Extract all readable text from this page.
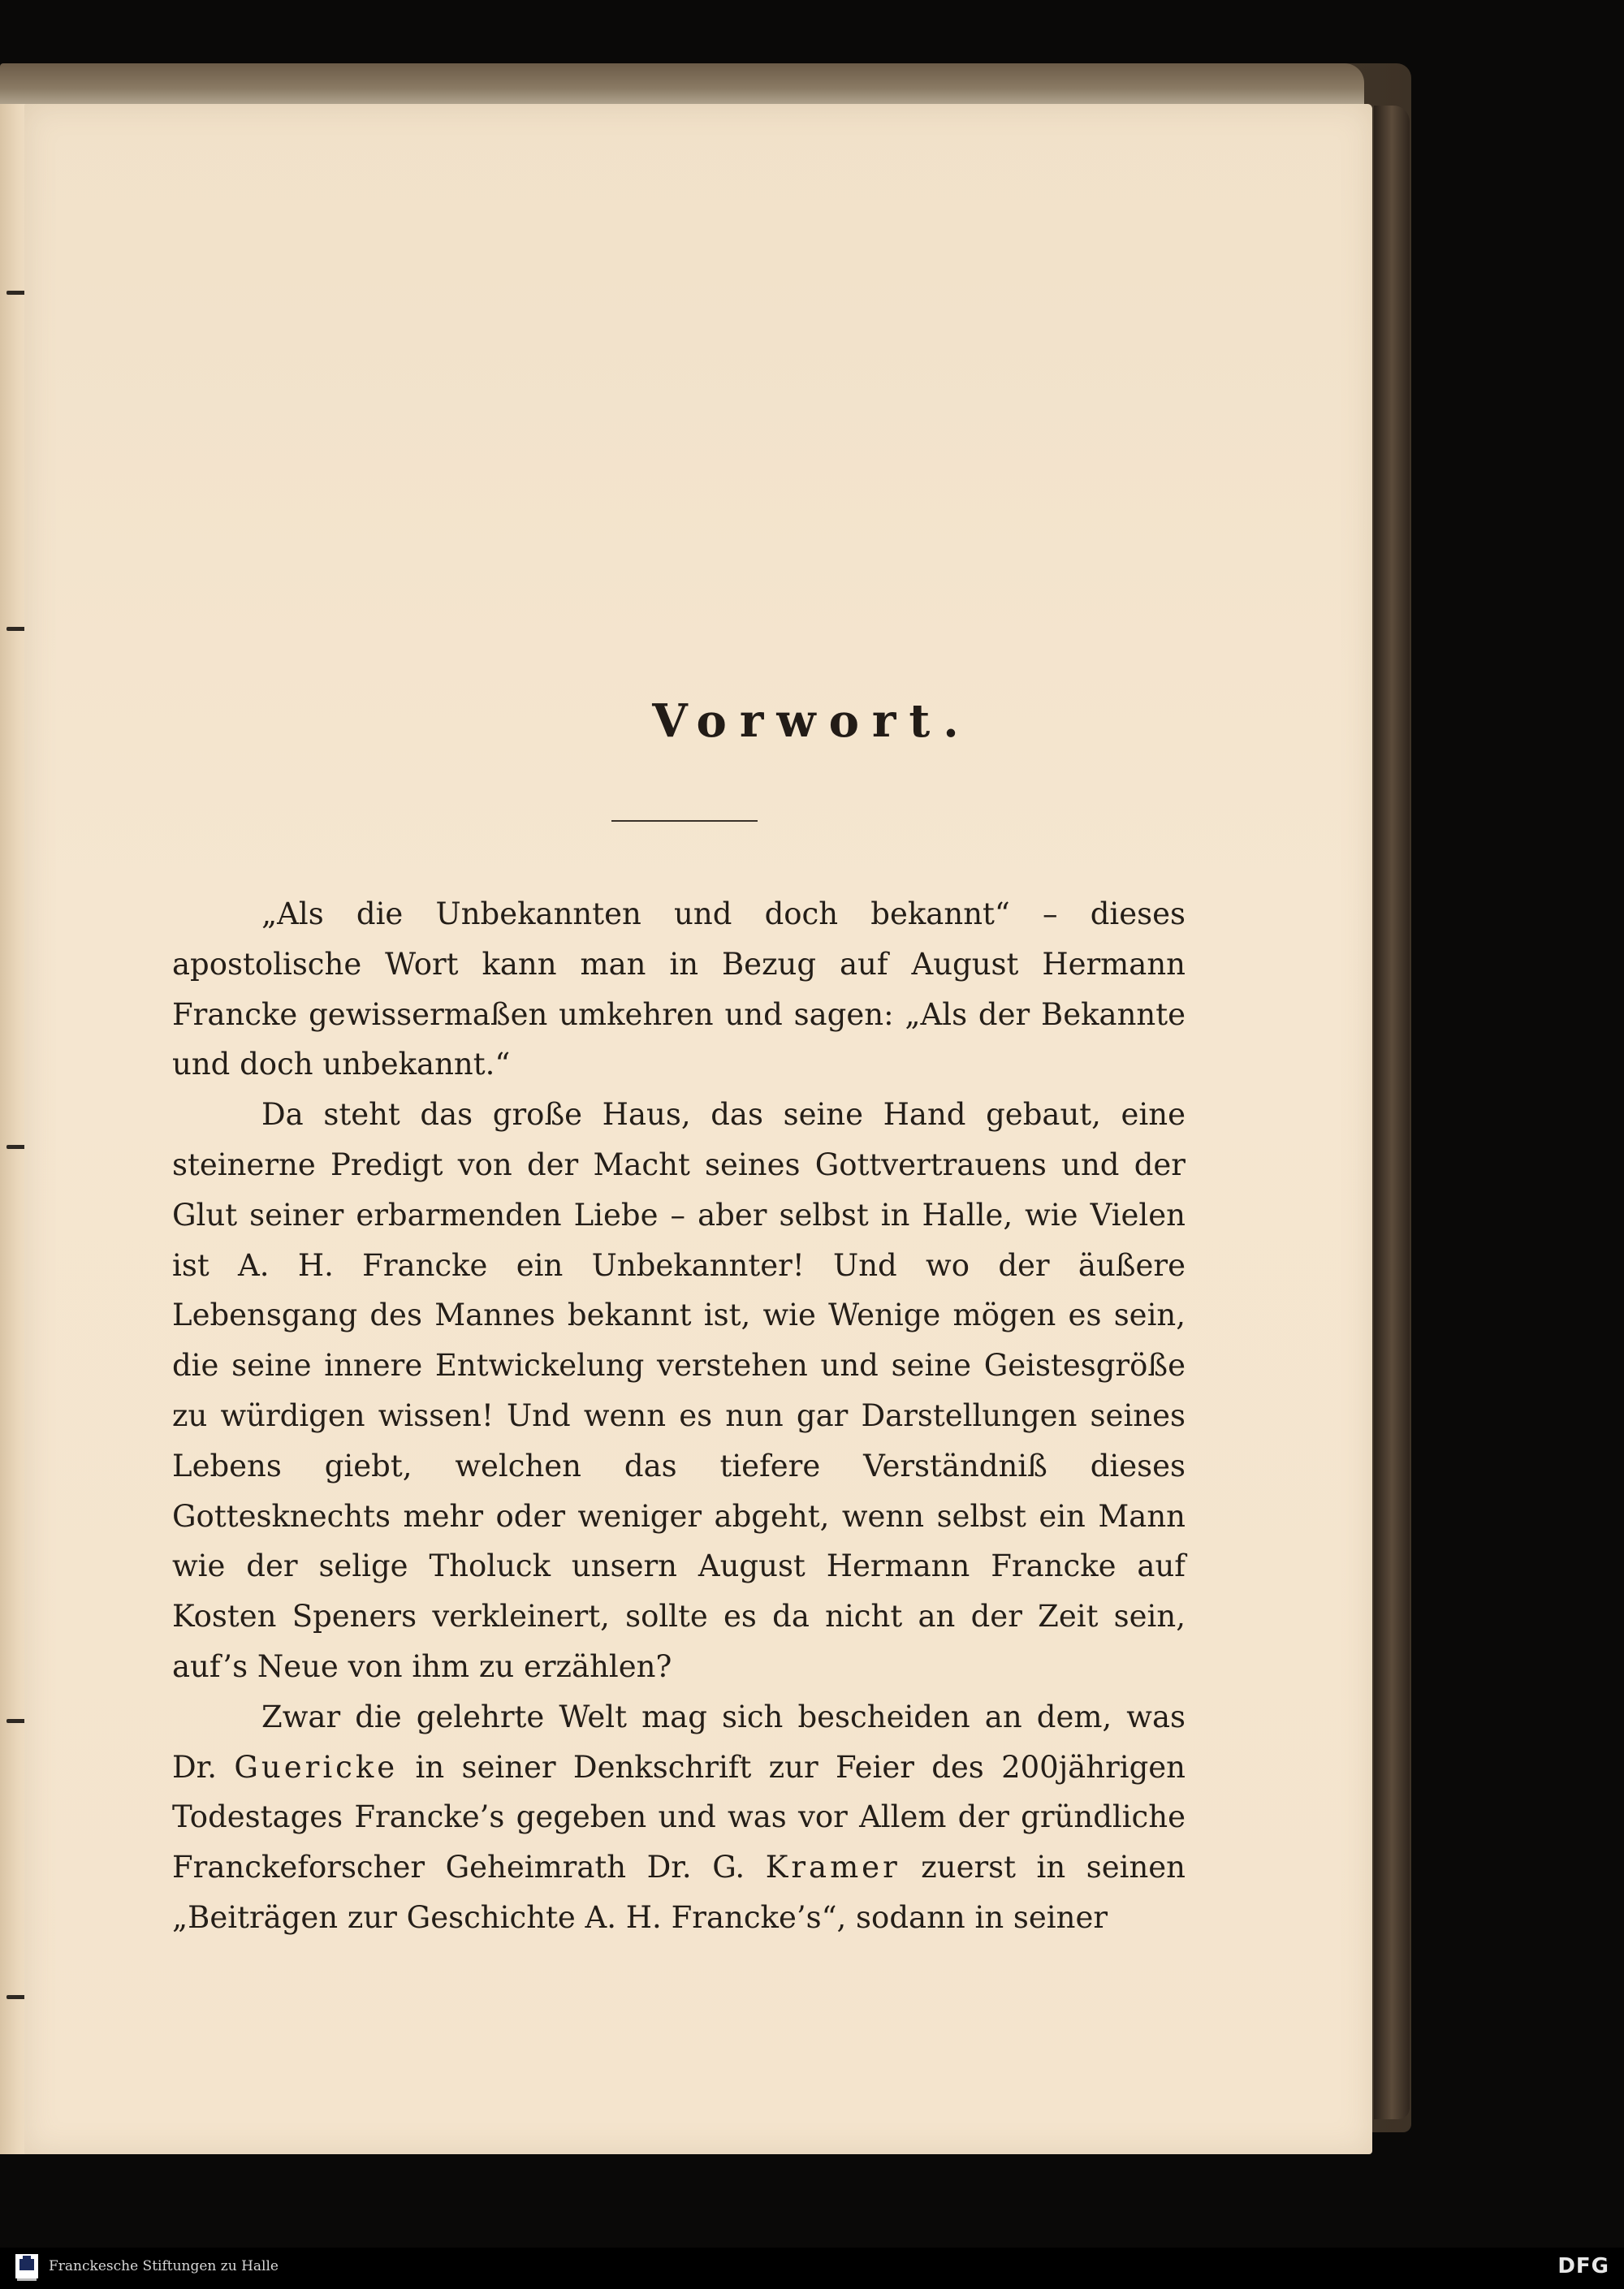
Vorwort.

„Als die Unbekannten und doch bekannt“ – dieses apostolische Wort kann man in Bezug auf August Hermann Francke gewissermaßen umkehren und sagen: „Als der Bekannte und doch unbekannt.“

Da steht das große Haus, das seine Hand gebaut, eine steinerne Predigt von der Macht seines Gottvertrauens und der Glut seiner erbarmenden Liebe – aber selbst in Halle, wie Vielen ist A. H. Francke ein Unbekannter! Und wo der äußere Lebensgang des Mannes bekannt ist, wie Wenige mögen es sein, die seine innere Entwickelung verstehen und seine Geistesgröße zu würdigen wissen! Und wenn es nun gar Darstellungen seines Lebens giebt, welchen das tiefere Verständniß dieses Gottesknechts mehr oder weniger abgeht, wenn selbst ein Mann wie der selige Tholuck unsern August Hermann Francke auf Kosten Speners verkleinert, sollte es da nicht an der Zeit sein, auf’s Neue von ihm zu erzählen?

Zwar die gelehrte Welt mag sich bescheiden an dem, was Dr. Guericke in seiner Denkschrift zur Feier des 200jährigen Todestages Francke’s gegeben und was vor Allem der gründliche Franckeforscher Geheimrath Dr. G. Kramer zuerst in seinen „Beiträgen zur Geschichte A. H. Francke’s“, sodann in seiner

Franckesche Stiftungen zu Halle	DFG
